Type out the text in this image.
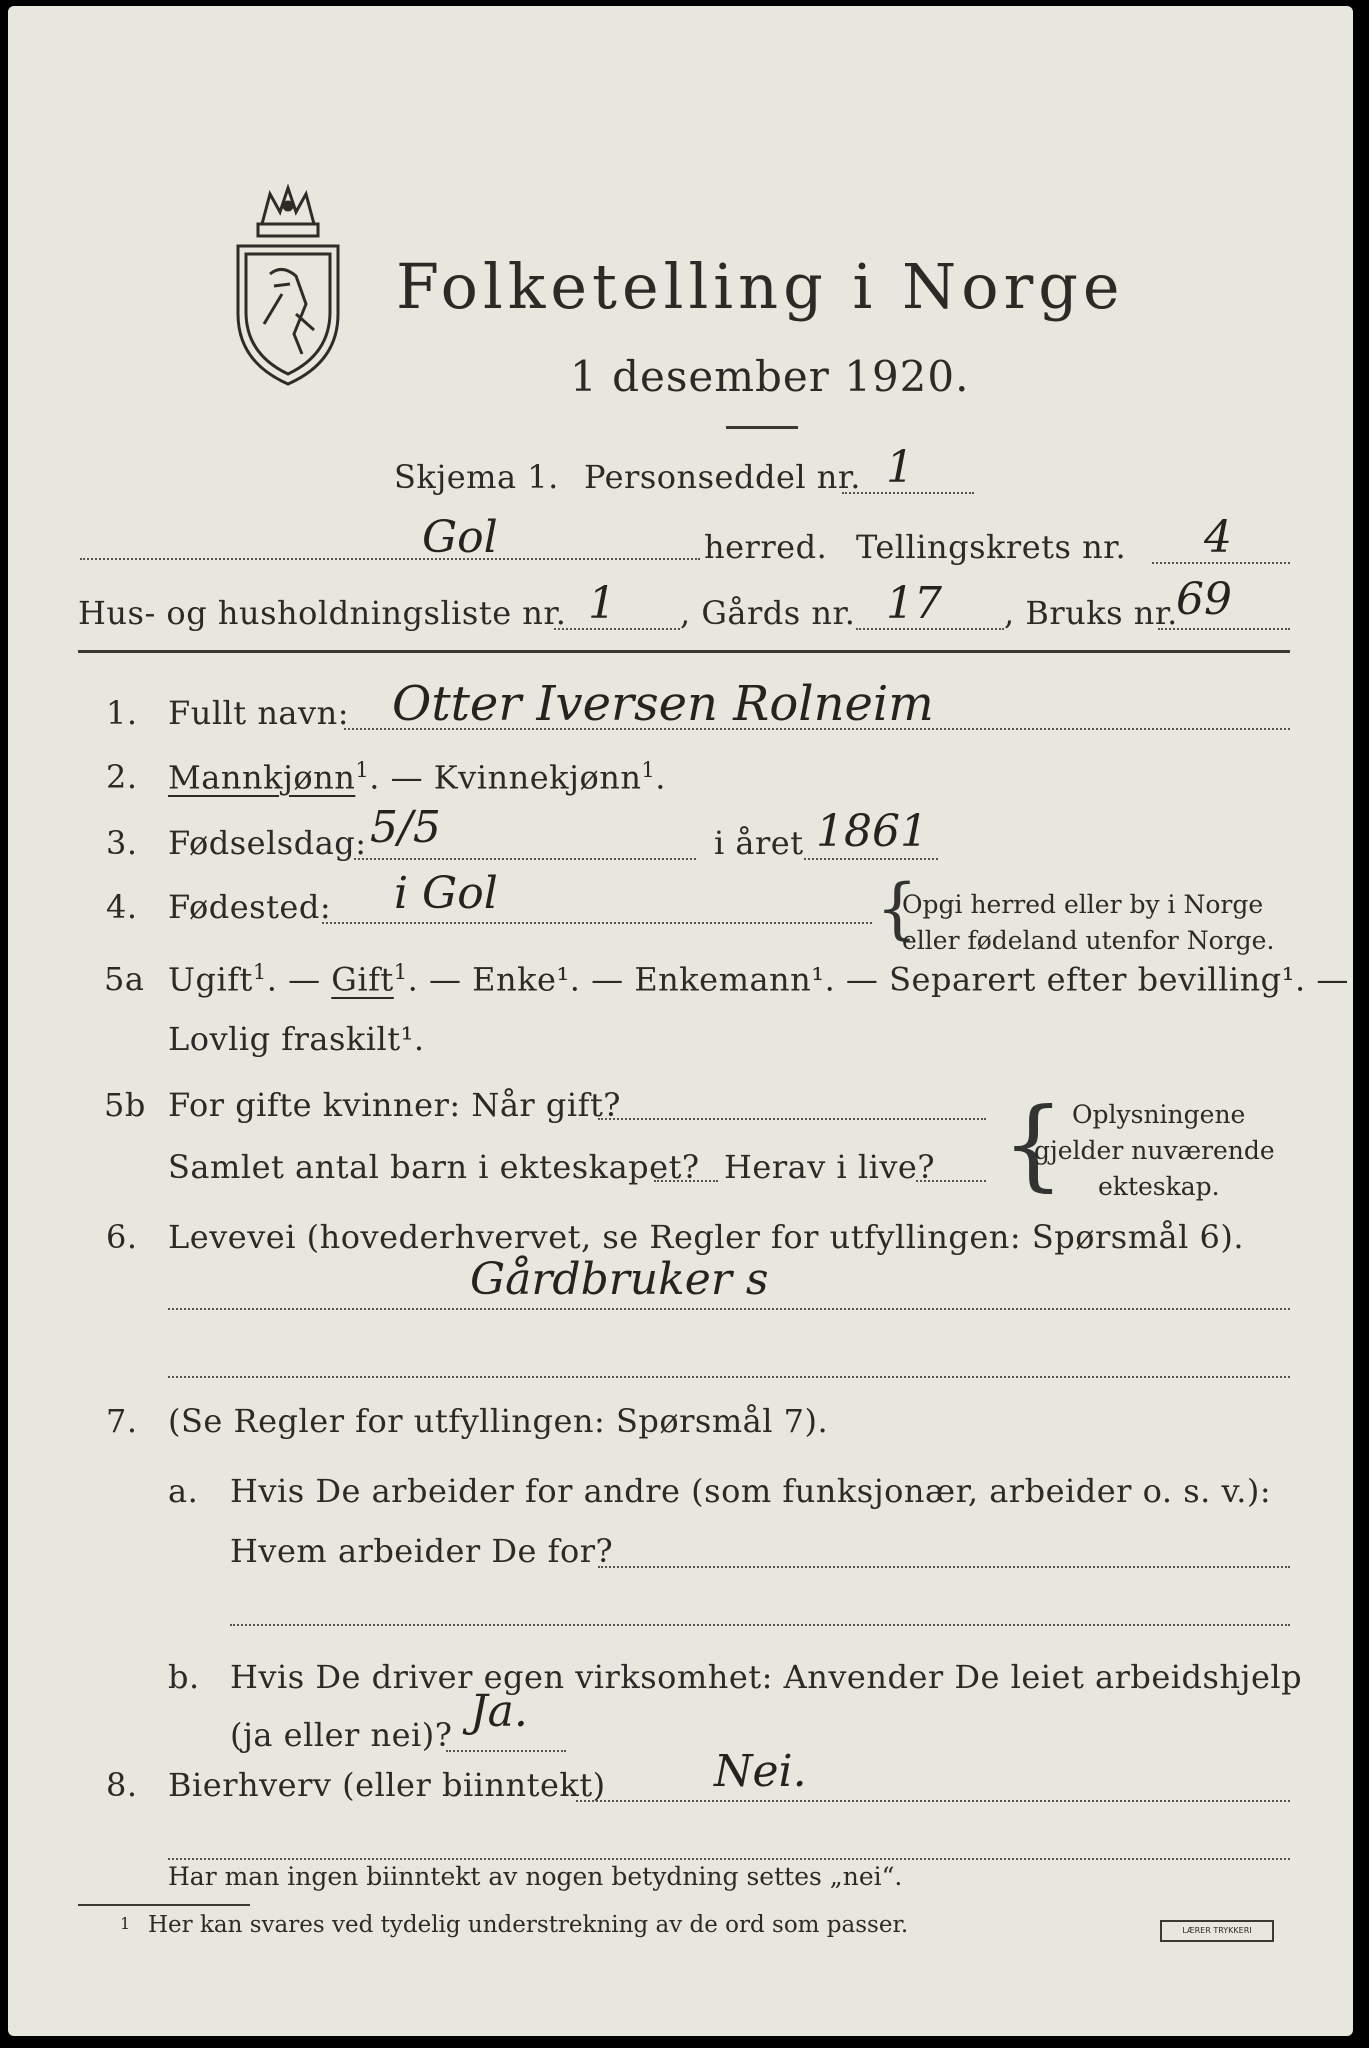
Folketelling i Norge
1 desember 1920.
Skjema 1. Personseddel nr. 1
Gol	herred. Tellingskrets nr. 4
Hus- og husholdningsliste nr. 1 , Gårds nr. 17 , Bruks nr.
69
1. Fullt navn: Otter Iversen Rolneim
2. Mannkjønn$^1$. — Kvinnekjønn$^1$.
3. Fødselsdag: 5/5	i året 1861
4. Fødested: i Gol	{
Opgi herred eller by i Norge
eller fødeland utenfor Norge.
5a Ugift$^1$. — Gift$^1$. — Enke¹. — Enkemann¹. — Separert efter bevilling¹. —
Lovlig fraskilt¹.
5b For gifte kvinner: Når gift?
Samlet antal barn i ekteskapet? Herav i live? { Oplysningene
gjelder nuværende
ekteskap.
6. Levevei (hovederhvervet, se Regler for utfyllingen: Spørsmål 6).
Gårdbruker s
7. (Se Regler for utfyllingen: Spørsmål 7).
a. Hvis De arbeider for andre (som funksjonær, arbeider o. s. v.):
Hvem arbeider De for?
b. Hvis De driver egen virksomhet: Anvender De leiet arbeidshjelp
(ja eller nei)? Ja.
8. Bierhverv (eller biinntekt) Nei.
Har man ingen biinntekt av nogen betydning settes „nei“.
1 Her kan svares ved tydelig understrekning av de ord som passer.	LÆRER TRYKKERI
